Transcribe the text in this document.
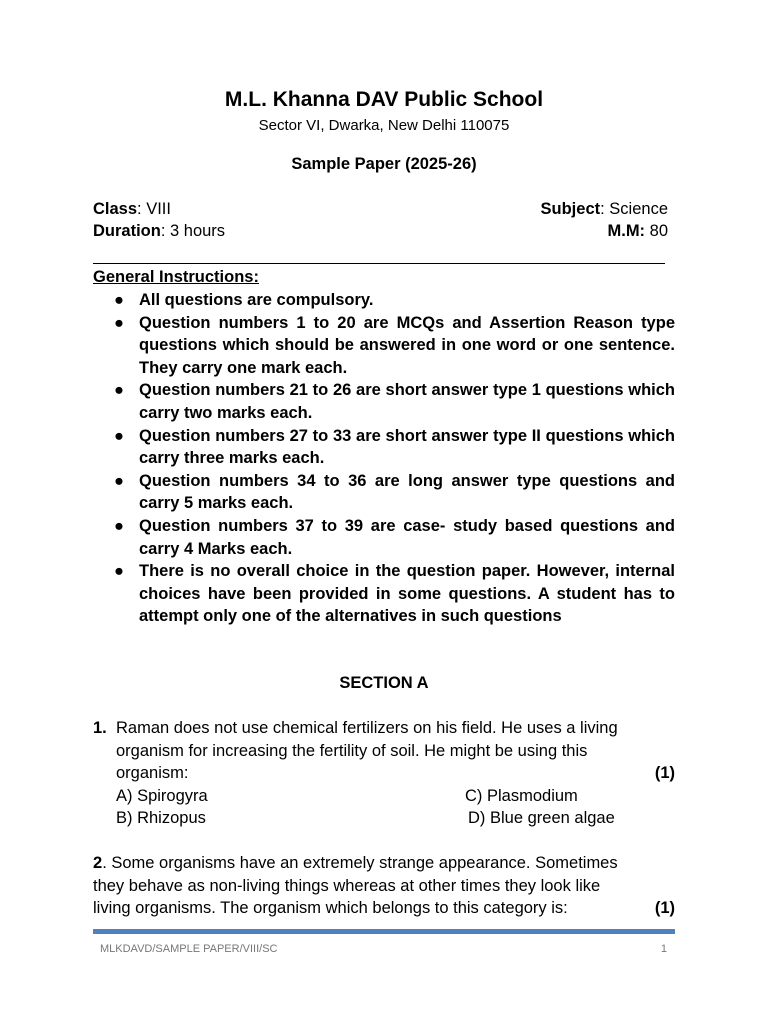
M.L. Khanna DAV Public School
Sector VI, Dwarka, New Delhi 110075
Sample Paper (2025-26)
Class: VIII	Subject: Science
Duration: 3 hours	M.M: 80
General Instructions:
● All questions are compulsory.
● Question numbers 1 to 20 are MCQs and Assertion Reason type questions which should be answered in one word or one sentence. They carry one mark each.
● Question numbers 21 to 26 are short answer type 1 questions which carry two marks each.
● Question numbers 27 to 33 are short answer type II questions which carry three marks each.
● Question numbers 34 to 36 are long answer type questions and carry 5 marks each.
● Question numbers 37 to 39 are case- study based questions and carry 4 Marks each.
● There is no overall choice in the question paper. However, internal choices have been provided in some questions. A student has to attempt only one of the alternatives in such questions
SECTION A
1. Raman does not use chemical fertilizers on his field. He uses a living
organism for increasing the fertility of soil. He might be using this
organism:	(1)
A) Spirogyra	C) Plasmodium
B) Rhizopus	D) Blue green algae
2. Some organisms have an extremely strange appearance. Sometimes
they behave as non-living things whereas at other times they look like
living organisms. The organism which belongs to this category is:	(1)
MLKDAVD/SAMPLE PAPER/VIII/SC	1
